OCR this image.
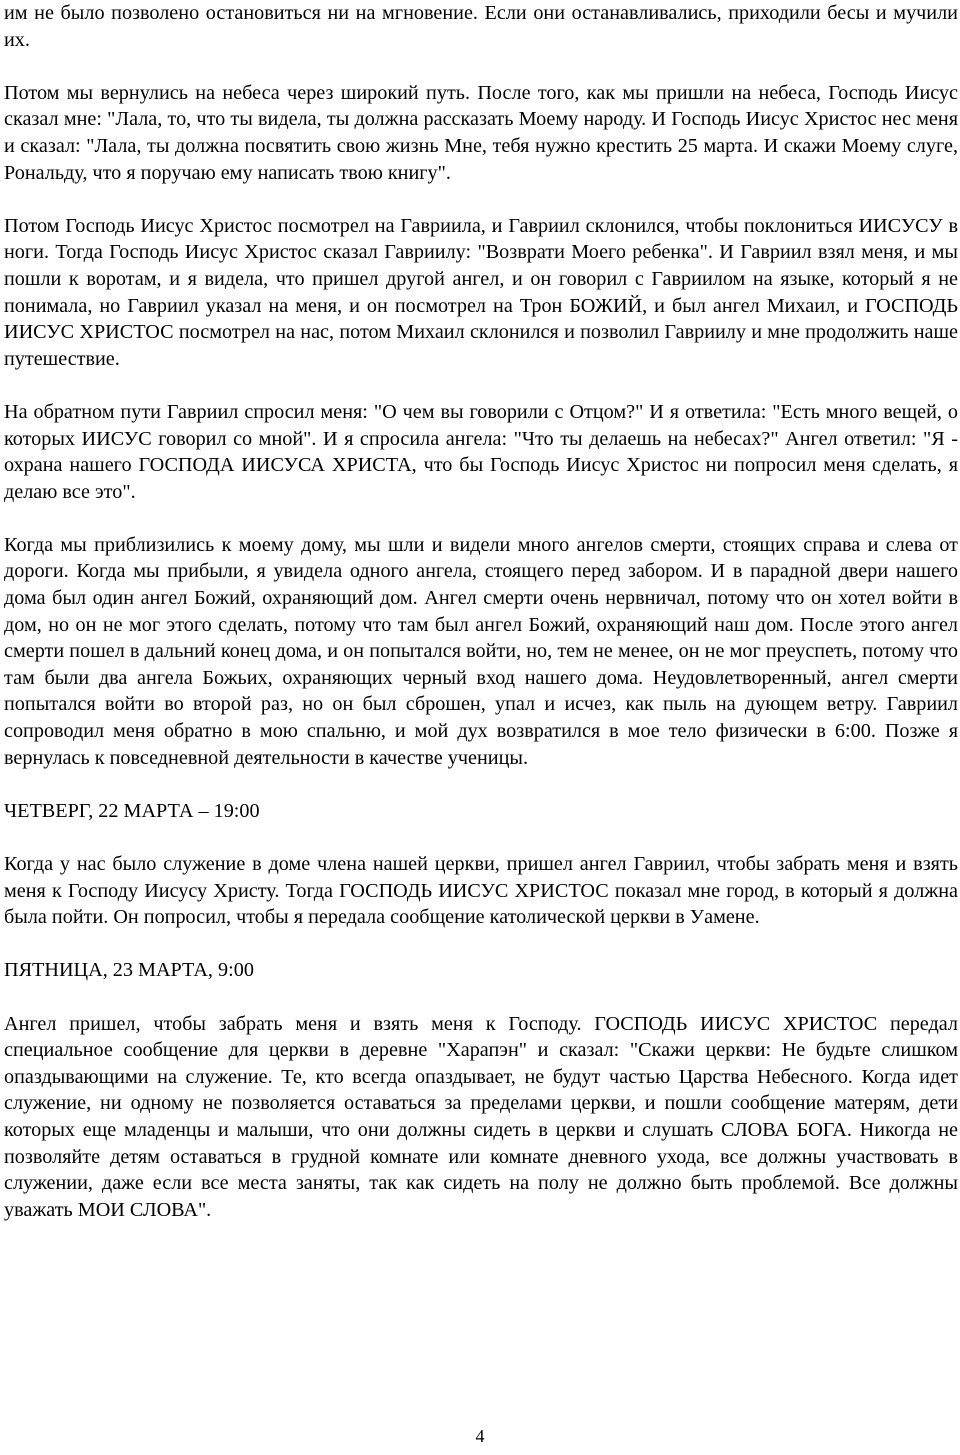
им не было позволено остановиться ни на мгновение. Если они останавливались, приходили бесы и мучили их.

Потом мы вернулись на небеса через широкий путь. После того, как мы пришли на небеса, Господь Иисус сказал мне: "Лала, то, что ты видела, ты должна рассказать Моему народу. И Господь Иисус Христос нес меня и сказал: "Лала, ты должна посвятить свою жизнь Мне, тебя нужно крестить 25 марта. И скажи Моему слуге, Рональду, что я поручаю ему написать твою книгу".

Потом Господь Иисус Христос посмотрел на Гавриила, и Гавриил склонился, чтобы поклониться ИИСУСУ в ноги. Тогда Господь Иисус Христос сказал Гавриилу: "Возврати Моего ребенка". И Гавриил взял меня, и мы пошли к воротам, и я видела, что пришел другой ангел, и он говорил с Гавриилом на языке, который я не понимала, но Гавриил указал на меня, и он посмотрел на Трон БОЖИЙ, и был ангел Михаил, и ГОСПОДЬ ИИСУС ХРИСТОС посмотрел на нас, потом Михаил склонился и позволил Гавриилу и мне продолжить наше путешествие.

На обратном пути Гавриил спросил меня: "О чем вы говорили с Отцом?" И я ответила: "Есть много вещей, о которых ИИСУС говорил со мной". И я спросила ангела: "Что ты делаешь на небесах?" Ангел ответил: "Я - охрана нашего ГОСПОДА ИИСУСА ХРИСТА, что бы Господь Иисус Христос ни попросил меня сделать, я делаю все это".

Когда мы приблизились к моему дому, мы шли и видели много ангелов смерти, стоящих справа и слева от дороги. Когда мы прибыли, я увидела одного ангела, стоящего перед забором. И в парадной двери нашего дома был один ангел Божий, охраняющий дом. Ангел смерти очень нервничал, потому что он хотел войти в дом, но он не мог этого сделать, потому что там был ангел Божий, охраняющий наш дом. После этого ангел смерти пошел в дальний конец дома, и он попытался войти, но, тем не менее, он не мог преуспеть, потому что там были два ангела Божьих, охраняющих черный вход нашего дома. Неудовлетворенный, ангел смерти попытался войти во второй раз, но он был сброшен, упал и исчез, как пыль на дующем ветру. Гавриил сопроводил меня обратно в мою спальню, и мой дух возвратился в мое тело физически в 6:00. Позже я вернулась к повседневной деятельности в качестве ученицы.

ЧЕТВЕРГ, 22 МАРТА – 19:00

Когда у нас было служение в доме члена нашей церкви, пришел ангел Гавриил, чтобы забрать меня и взять меня к Господу Иисусу Христу. Тогда ГОСПОДЬ ИИСУС ХРИСТОС показал мне город, в который я должна была пойти. Он попросил, чтобы я передала сообщение католической церкви в Уамене.

ПЯТНИЦА, 23 МАРТА, 9:00

Ангел пришел, чтобы забрать меня и взять меня к Господу. ГОСПОДЬ ИИСУС ХРИСТОС передал специальное сообщение для церкви в деревне "Харапэн" и сказал: "Скажи церкви: Не будьте слишком опаздывающими на служение. Те, кто всегда опаздывает, не будут частью Царства Небесного. Когда идет служение, ни одному не позволяется оставаться за пределами церкви, и пошли сообщение матерям, дети которых еще младенцы и малыши, что они должны сидеть в церкви и слушать СЛОВА БОГА. Никогда не позволяйте детям оставаться в грудной комнате или комнате дневного ухода, все должны участвовать в служении, даже если все места заняты, так как сидеть на полу не должно быть проблемой. Все должны уважать МОИ СЛОВА".

4
